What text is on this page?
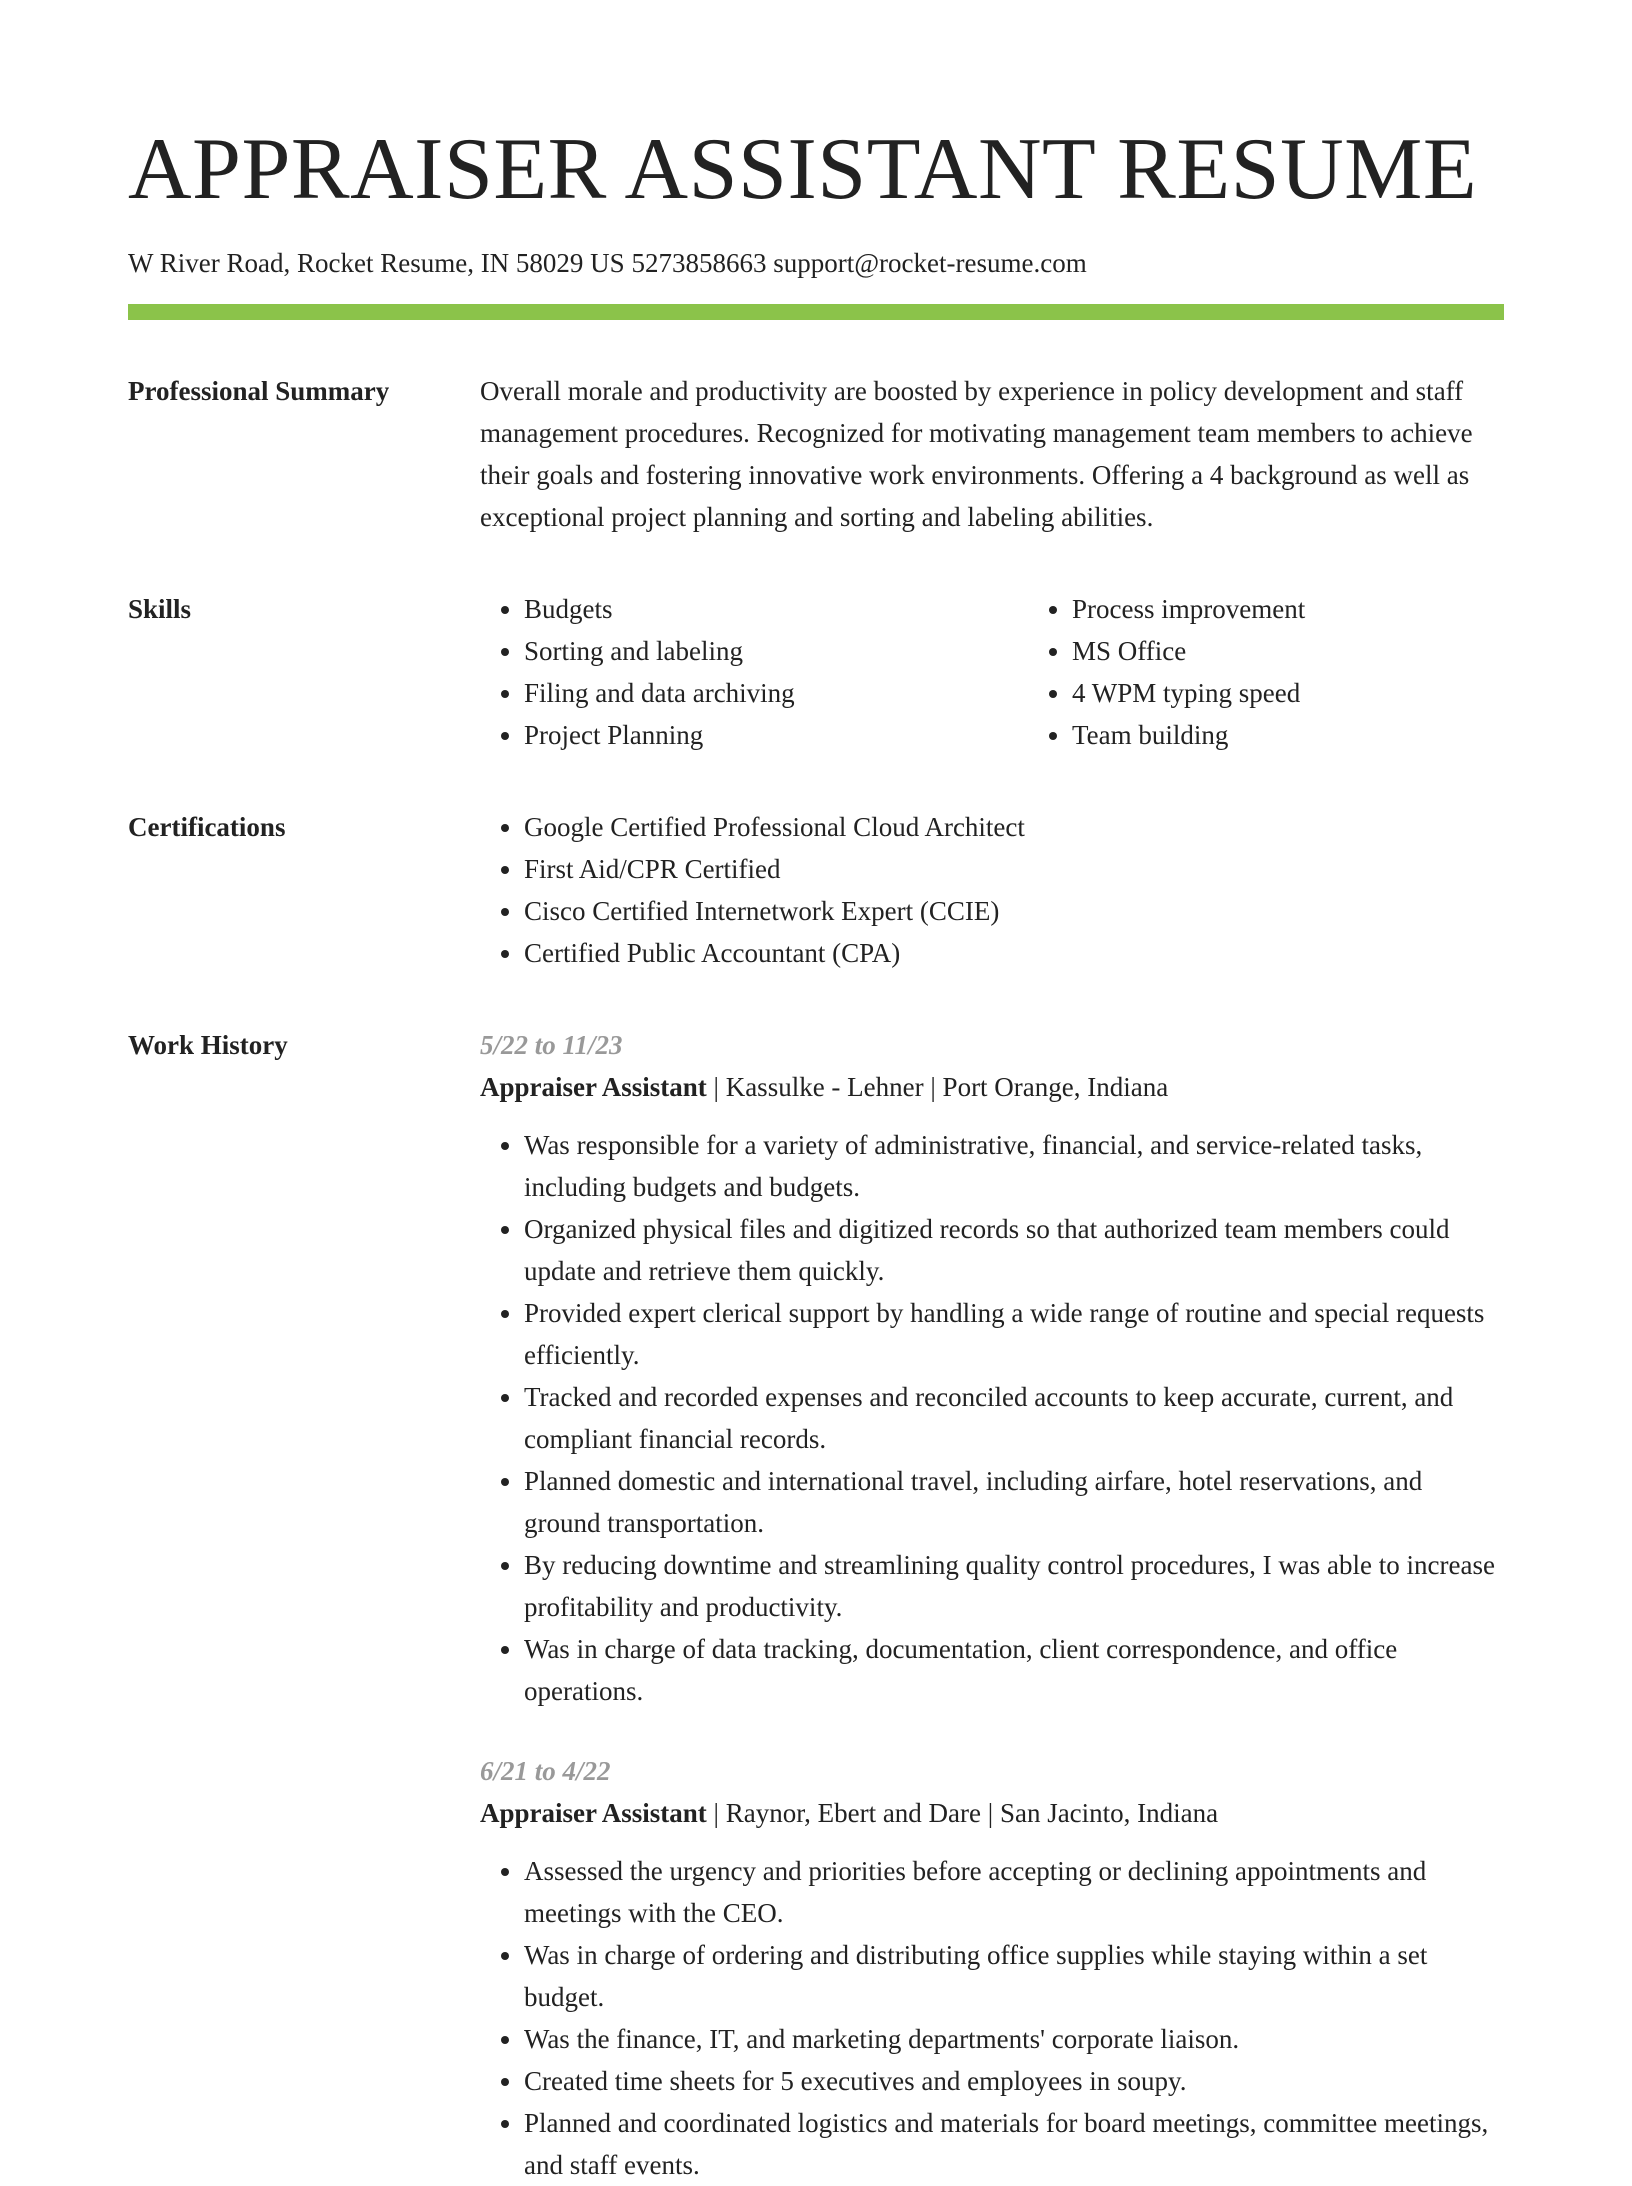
APPRAISER ASSISTANT RESUME
W River Road, Rocket Resume, IN 58029 US 5273858663 support@rocket-resume.com
Professional Summary	Overall morale and productivity are boosted by experience in policy development and staff management procedures. Recognized for motivating management team members to achieve their goals and fostering innovative work environments. Offering a 4 background as well as exceptional project planning and sorting and labeling abilities.

Skills	• Budgets
• Sorting and labeling
• Filing and data archiving
• Project Planning
• Process improvement
• MS Office
• 4 WPM typing speed
• Team building
Certifications	• Google Certified Professional Cloud Architect
• First Aid/CPR Certified
• Cisco Certified Internetwork Expert (CCIE)
• Certified Public Accountant (CPA)
Work History	5/22 to 11/23
Appraiser Assistant | Kassulke - Lehner | Port Orange, Indiana
• Was responsible for a variety of administrative, financial, and service-related tasks, including budgets and budgets.
• Organized physical files and digitized records so that authorized team members could update and retrieve them quickly.
• Provided expert clerical support by handling a wide range of routine and special requests efficiently.
• Tracked and recorded expenses and reconciled accounts to keep accurate, current, and compliant financial records.
• Planned domestic and international travel, including airfare, hotel reservations, and ground transportation.
• By reducing downtime and streamlining quality control procedures, I was able to increase profitability and productivity.
• Was in charge of data tracking, documentation, client correspondence, and office operations.
6/21 to 4/22
Appraiser Assistant | Raynor, Ebert and Dare | San Jacinto, Indiana
• Assessed the urgency and priorities before accepting or declining appointments and meetings with the CEO.
• Was in charge of ordering and distributing office supplies while staying within a set budget.
• Was the finance, IT, and marketing departments' corporate liaison.
• Created time sheets for 5 executives and employees in soupy.
• Planned and coordinated logistics and materials for board meetings, committee meetings, and staff events.
